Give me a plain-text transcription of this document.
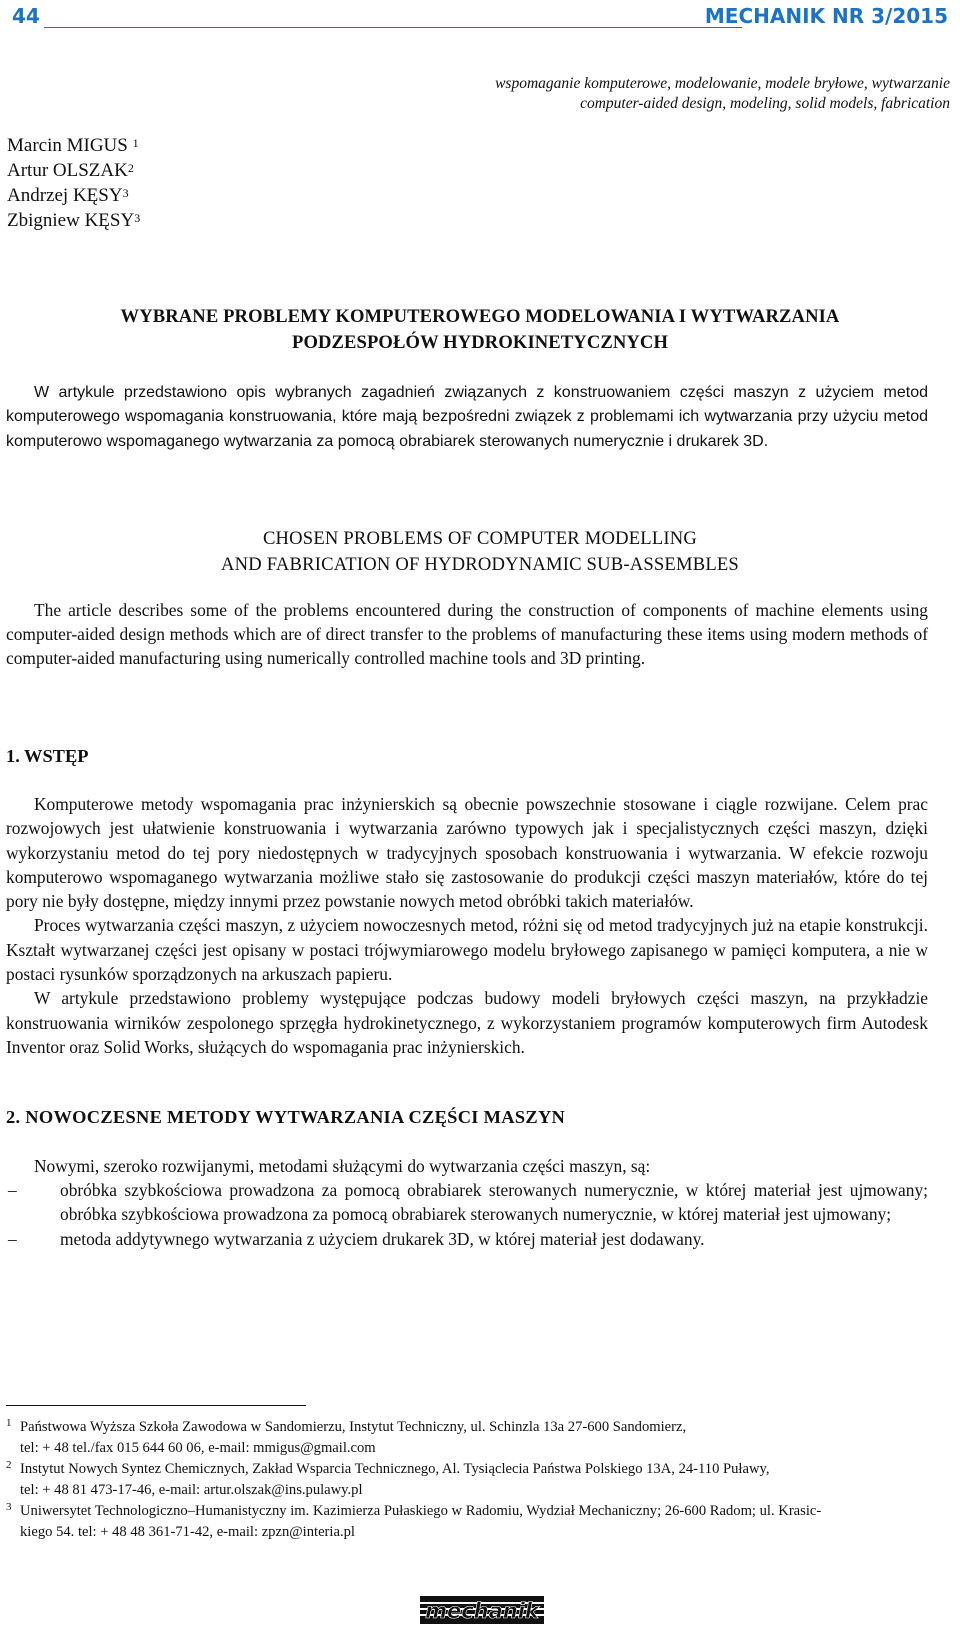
44	MECHANIK NR 3/2015
wspomaganie komputerowe, modelowanie, modele bryłowe, wytwarzanie
computer-aided design, modeling, solid models, fabrication
Marcin MIGUS $^1$
Artur OLSZAK$^2$
Andrzej KĘSY$^3$
Zbigniew KĘSY$^3$
WYBRANE PROBLEMY KOMPUTEROWEGO MODELOWANIA I WYTWARZANIA
PODZESPOŁÓW HYDROKINETYCZNYCH

W artykule przedstawiono opis wybranych zagadnień związanych z konstruowaniem części maszyn z użyciem metod komputerowego wspomagania konstruowania, które mają bezpośredni związek z problemami ich wytwarzania przy użyciu metod komputerowo wspomaganego wytwarzania za pomocą obrabiarek sterowanych numerycznie i drukarek 3D.

CHOSEN PROBLEMS OF COMPUTER MODELLING
AND FABRICATION OF HYDRODYNAMIC SUB-ASSEMBLES

The article describes some of the problems encountered during the construction of components of machine elements using computer-aided design methods which are of direct transfer to the problems of manufacturing these items using modern methods of computer-aided manufacturing using numerically controlled machine tools and 3D printing.

1. WSTĘP

Komputerowe metody wspomagania prac inżynierskich są obecnie powszechnie stosowane i ciągle rozwijane. Celem prac rozwojowych jest ułatwienie konstruowania i wytwarzania zarówno typowych jak i specjalistycznych części maszyn, dzięki wykorzystaniu metod do tej pory niedostępnych w tradycyjnych sposobach konstruowania i wytwarzania. W efekcie rozwoju komputerowo wspomaganego wytwarzania możliwe stało się zastosowanie do produkcji części maszyn materiałów, które do tej pory nie były dostępne, między innymi przez powstanie nowych metod obróbki takich materiałów.

Proces wytwarzania części maszyn, z użyciem nowoczesnych metod, różni się od metod tradycyjnych już na etapie konstrukcji. Kształt wytwarzanej części jest opisany w postaci trójwymiarowego modelu bryłowego zapisanego w pamięci komputera, a nie w postaci rysunków sporządzonych na arkuszach papieru.

W artykule przedstawiono problemy występujące podczas budowy modeli bryłowych części maszyn, na przykładzie konstruowania wirników zespolonego sprzęgła hydrokinetycznego, z wykorzystaniem programów komputerowych firm Autodesk Inventor oraz Solid Works, służących do wspomagania prac inżynierskich.

2. NOWOCZESNE METODY WYTWARZANIA CZĘŚCI MASZYN
Nowymi, szeroko rozwijanymi, metodami służącymi do wytwarzania części maszyn, są:
– obróbka szybkościowa prowadzona za pomocą obrabiarek sterowanych numerycznie, w której materiał jest ujmowany; obróbka szybkościowa prowadzona za pomocą obrabiarek sterowanych numerycznie, w której materiał jest ujmowany;
– metoda addytywnego wytwarzania z użyciem drukarek 3D, w której materiał jest dodawany.
1 Państwowa Wyższa Szkoła Zawodowa w Sandomierzu, Instytut Techniczny, ul. Schinzla 13a 27-600 Sandomierz,
tel: + 48 tel./fax 015 644 60 06, e-mail: mmigus@gmail.com
2 Instytut Nowych Syntez Chemicznych, Zakład Wsparcia Technicznego, Al. Tysiąclecia Państwa Polskiego 13A, 24-110 Puławy,
tel: + 48 81 473-17-46, e-mail: artur.olszak@ins.pulawy.pl
3 Uniwersytet Technologiczno–Humanistyczny im. Kazimierza Pułaskiego w Radomiu, Wydział Mechaniczny; 26-600 Radom; ul. Krasic-
kiego 54. tel: + 48 48 361-71-42, e-mail: zpzn@interia.pl
mechanik
